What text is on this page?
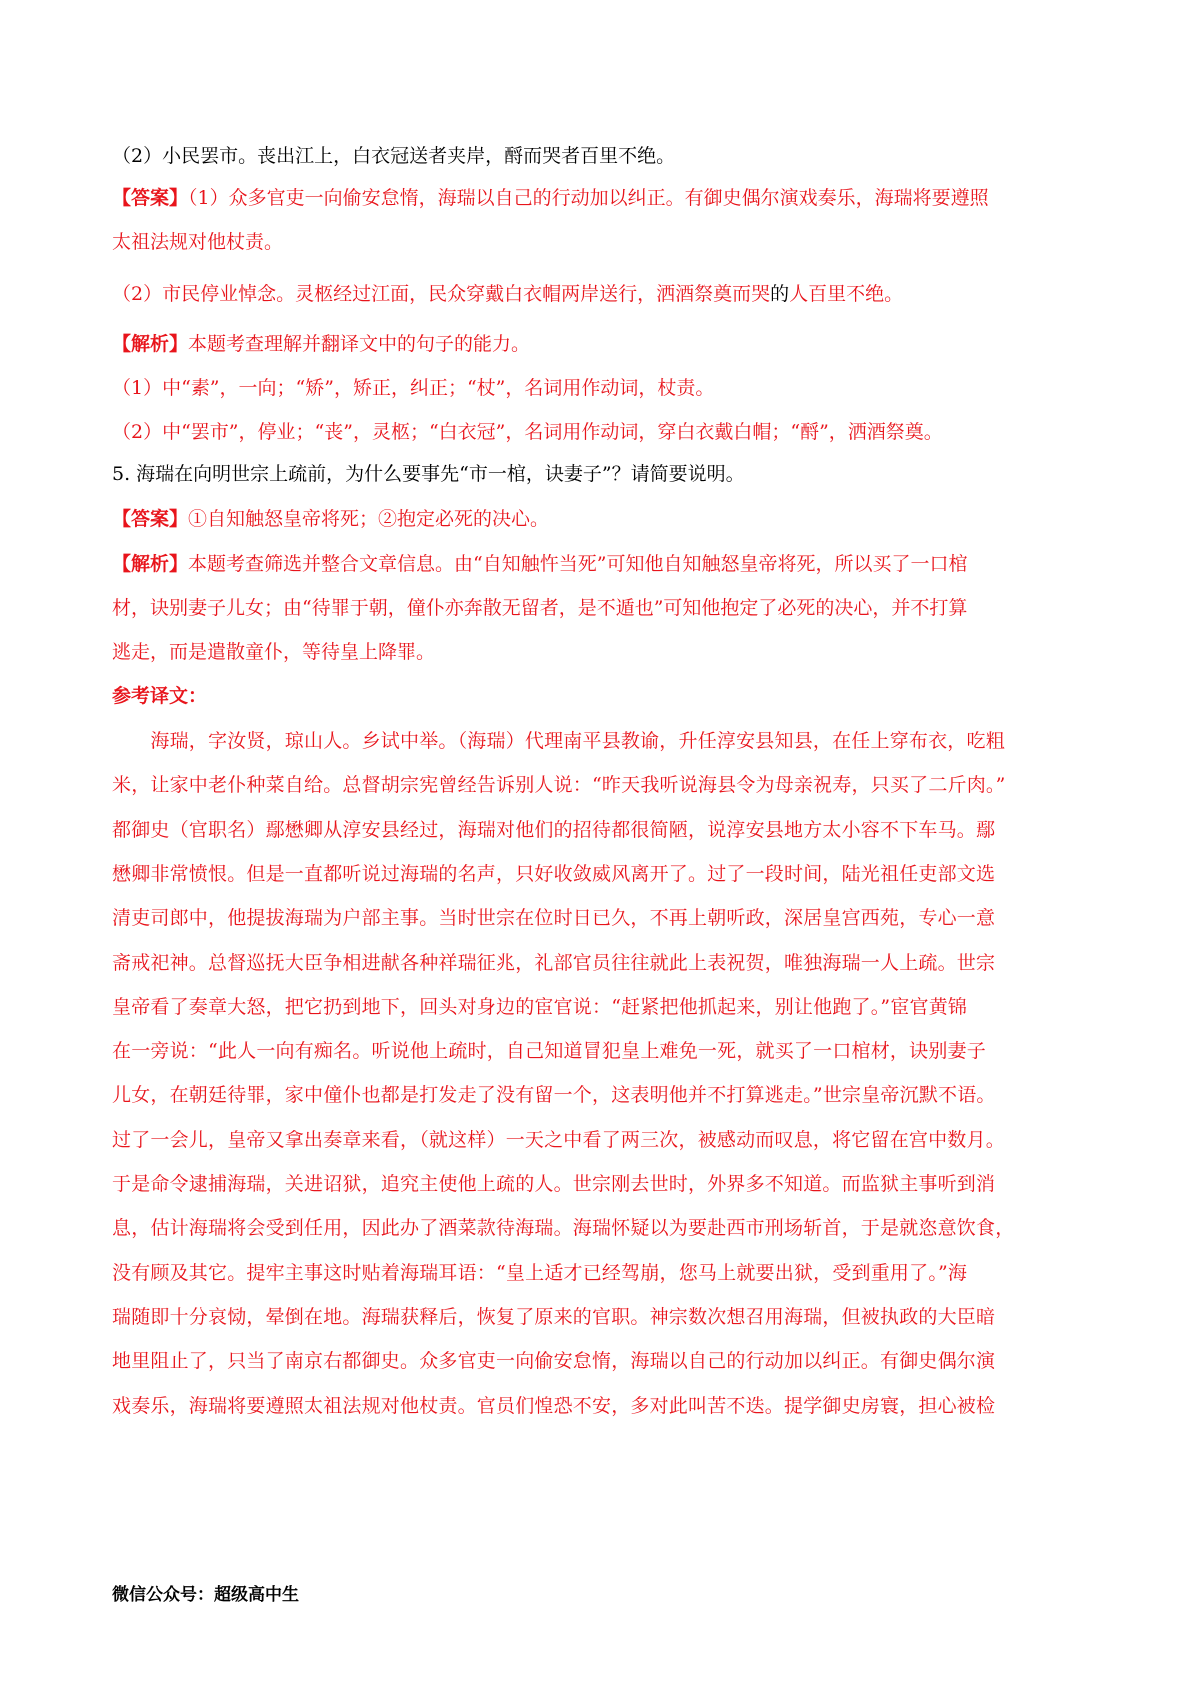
（2）小民罢市。丧出江上，白衣冠送者夹岸，酹而哭者百里不绝。
【答案】（1）众多官吏一向偷安怠惰，海瑞以自己的行动加以纠正。有御史偶尔演戏奏乐，海瑞将要遵照
太祖法规对他杖责。
（2）市民停业悼念。灵柩经过江面，民众穿戴白衣帽两岸送行，洒酒祭奠而哭的人百里不绝。
【解析】本题考查理解并翻译文中的句子的能力。
（1）中“素”，一向；“矫”，矫正，纠正；“杖”，名词用作动词，杖责。
（2）中“罢市”，停业；“丧”，灵柩；“白衣冠”，名词用作动词，穿白衣戴白帽；“酹”，洒酒祭奠。
5. 海瑞在向明世宗上疏前，为什么要事先“市一棺，诀妻子”？请简要说明。
【答案】①自知触怒皇帝将死；②抱定必死的决心。
【解析】本题考查筛选并整合文章信息。由“自知触忤当死”可知他自知触怒皇帝将死，所以买了一口棺
材，诀别妻子儿女；由“待罪于朝，僮仆亦奔散无留者，是不遁也”可知他抱定了必死的决心，并不打算
逃走，而是遣散童仆，等待皇上降罪。
参考译文：
　　海瑞，字汝贤，琼山人。乡试中举。（海瑞）代理南平县教谕，升任淳安县知县，在任上穿布衣，吃粗
米，让家中老仆种菜自给。总督胡宗宪曾经告诉别人说：“昨天我听说海县令为母亲祝寿，只买了二斤肉。”
都御史（官职名）鄢懋卿从淳安县经过，海瑞对他们的招待都很简陋，说淳安县地方太小容不下车马。鄢
懋卿非常愤恨。但是一直都听说过海瑞的名声，只好收敛威风离开了。过了一段时间，陆光祖任吏部文选
清吏司郎中，他提拔海瑞为户部主事。当时世宗在位时日已久，不再上朝听政，深居皇宫西苑，专心一意
斋戒祀神。总督巡抚大臣争相进献各种祥瑞征兆，礼部官员往往就此上表祝贺，唯独海瑞一人上疏。世宗
皇帝看了奏章大怒，把它扔到地下，回头对身边的宦官说：“赶紧把他抓起来，别让他跑了。”宦官黄锦
在一旁说：“此人一向有痴名。听说他上疏时，自己知道冒犯皇上难免一死，就买了一口棺材，诀别妻子
儿女，在朝廷待罪，家中僮仆也都是打发走了没有留一个，这表明他并不打算逃走。”世宗皇帝沉默不语。
过了一会儿，皇帝又拿出奏章来看，（就这样）一天之中看了两三次，被感动而叹息，将它留在宫中数月。
于是命令逮捕海瑞，关进诏狱，追究主使他上疏的人。世宗刚去世时，外界多不知道。而监狱主事听到消
息，估计海瑞将会受到任用，因此办了酒菜款待海瑞。海瑞怀疑以为要赴西市刑场斩首，于是就恣意饮食，
没有顾及其它。提牢主事这时贴着海瑞耳语：“皇上适才已经驾崩，您马上就要出狱，受到重用了。”海
瑞随即十分哀恸，晕倒在地。海瑞获释后，恢复了原来的官职。神宗数次想召用海瑞，但被执政的大臣暗
地里阻止了，只当了南京右都御史。众多官吏一向偷安怠惰，海瑞以自己的行动加以纠正。有御史偶尔演
戏奏乐，海瑞将要遵照太祖法规对他杖责。官员们惶恐不安，多对此叫苦不迭。提学御史房寰，担心被检
微信公众号：超级高中生
